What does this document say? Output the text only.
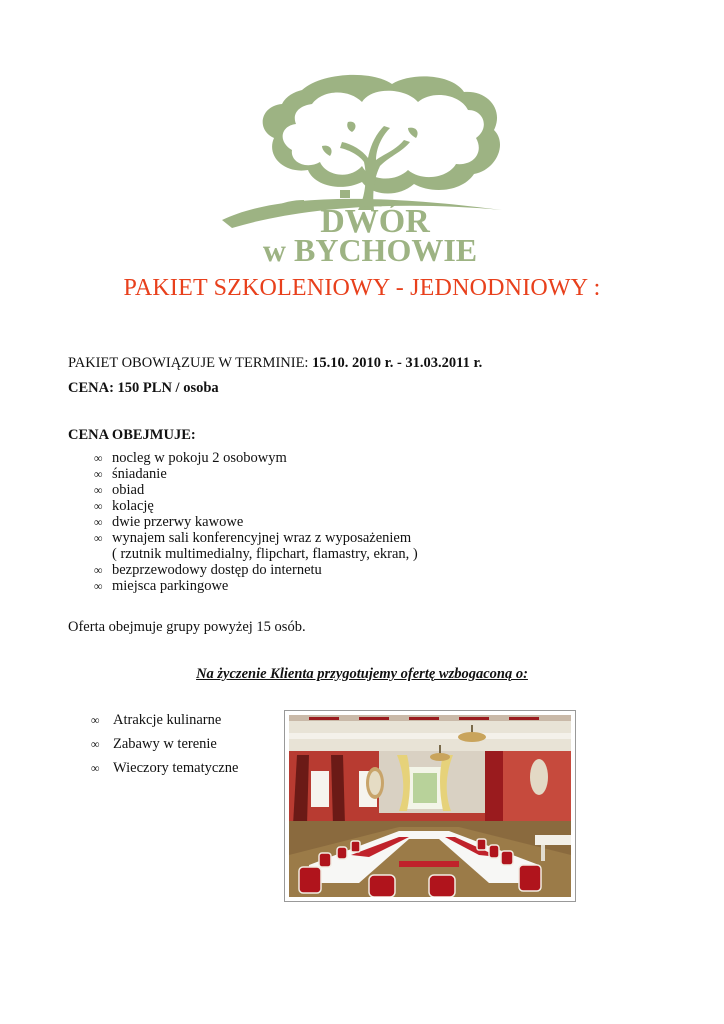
DWÓR
w BYCHOWIE
PAKIET SZKOLENIOWY - JEDNODNIOWY :
PAKIET OBOWIĄZUJE W TERMINIE: 15.10. 2010 r. - 31.03.2011 r.
CENA: 150 PLN / osoba
CENA OBEJMUJE:
∞ nocleg w pokoju 2 osobowym
∞ śniadanie
∞ obiad
∞ kolację
∞ dwie przerwy kawowe
∞ wynajem sali konferencyjnej wraz z wyposażeniem
( rzutnik multimedialny, flipchart, flamastry, ekran, )
∞ bezprzewodowy dostęp do internetu
∞ miejsca parkingowe
Oferta obejmuje grupy powyżej 15 osób.
Na życzenie Klienta przygotujemy ofertę wzbogaconą o:
∞ Atrakcje kulinarne
∞ Zabawy w terenie
∞ Wieczory tematyczne
